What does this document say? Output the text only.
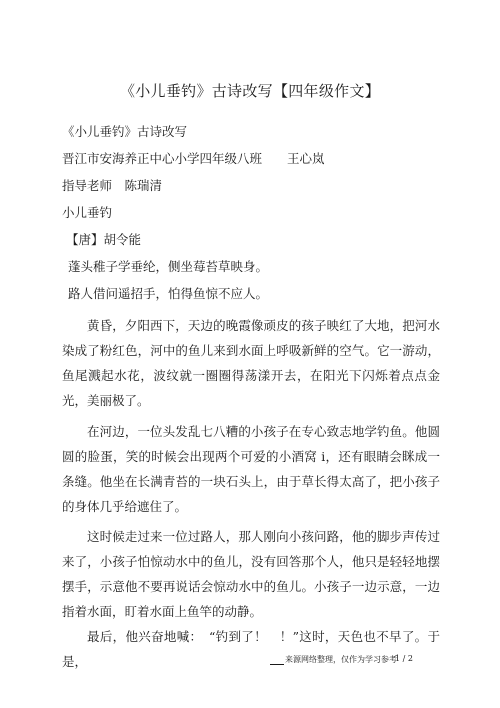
《小儿垂钓》古诗改写【四年级作文】
《小儿垂钓》古诗改写
晋江市安海养正中心小学四年级八班　　王心岚
指导老师　陈瑞清
小儿垂钓
【唐】胡令能
蓬头稚子学垂纶，侧坐莓苔草映身。
路人借问遥招手，怕得鱼惊不应人。
黄昏，夕阳西下，天边的晚霞像顽皮的孩子映红了大地，把河水染成了粉红色，河中的鱼儿来到水面上呼吸新鲜的空气。它一游动，鱼尾溅起水花，波纹就一圈圈得荡漾开去，在阳光下闪烁着点点金光，美丽极了。
在河边，一位头发乱七八糟的小孩子在专心致志地学钓鱼。他圆圆的脸蛋，笑的时候会出现两个可爱的小酒窝 i，还有眼睛会眯成一条缝。他坐在长满青苔的一块石头上，由于草长得太高了，把小孩子的身体几乎给遮住了。
这时候走过来一位过路人，那人刚向小孩问路，他的脚步声传过来了，小孩子怕惊动水中的鱼儿，没有回答那个人，他只是轻轻地摆摆手，示意他不要再说话会惊动水中的鱼儿。小孩子一边示意，一边指着水面，盯着水面上鱼竿的动静。
最后，他兴奋地喊：　“钓到了！　！”这时，天色也不早了。于是，	来源网络整理，仅作为学习参考
1 / 2
